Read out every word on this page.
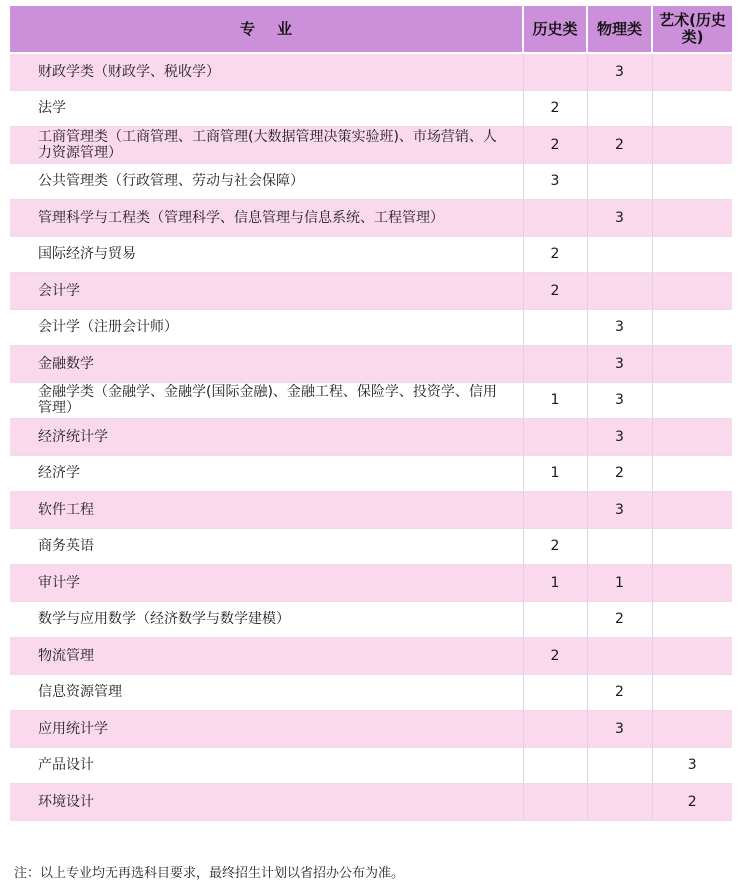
专业	历史类	物理类	艺术(历史类)
财政学类（财政学、税收学）		3	
法学	2		
工商管理类（工商管理、工商管理(大数据管理决策实验班)、市场营销、人力资源管理）	2	2	
公共管理类（行政管理、劳动与社会保障）	3		
管理科学与工程类（管理科学、信息管理与信息系统、工程管理）		3	
国际经济与贸易	2		
会计学	2		
会计学（注册会计师）		3	
金融数学		3	
金融学类（金融学、金融学(国际金融)、金融工程、保险学、投资学、信用管理）	1	3	
经济统计学		3	
经济学	1	2	
软件工程		3	
商务英语	2		
审计学	1	1	
数学与应用数学（经济数学与数学建模）		2	
物流管理	2		
信息资源管理		2	
应用统计学		3	
产品设计			3
环境设计			2
注：以上专业均无再选科目要求，最终招生计划以省招办公布为准。
